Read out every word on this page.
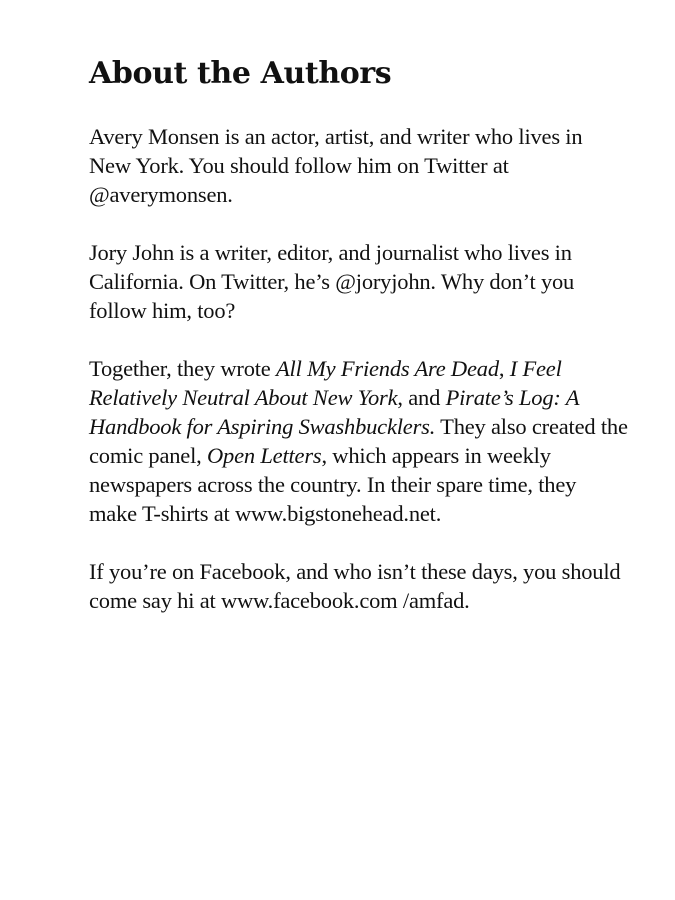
About the Authors

Avery Monsen is an actor, artist, and writer who lives in New York. You should follow him on Twitter at @averymonsen.

Jory John is a writer, editor, and journalist who lives in California. On Twitter, he’s @joryjohn. Why don’t you follow him, too?

Together, they wrote All My Friends Are Dead, I Feel Relatively Neutral About New York, and Pirate’s Log: A Handbook for Aspiring Swashbucklers. They also created the comic panel, Open Letters, which appears in weekly newspapers across the country. In their spare time, they make T-shirts at www.bigstonehead.net.

If you’re on Facebook, and who isn’t these days, you should come say hi at www.facebook.com /amfad.
